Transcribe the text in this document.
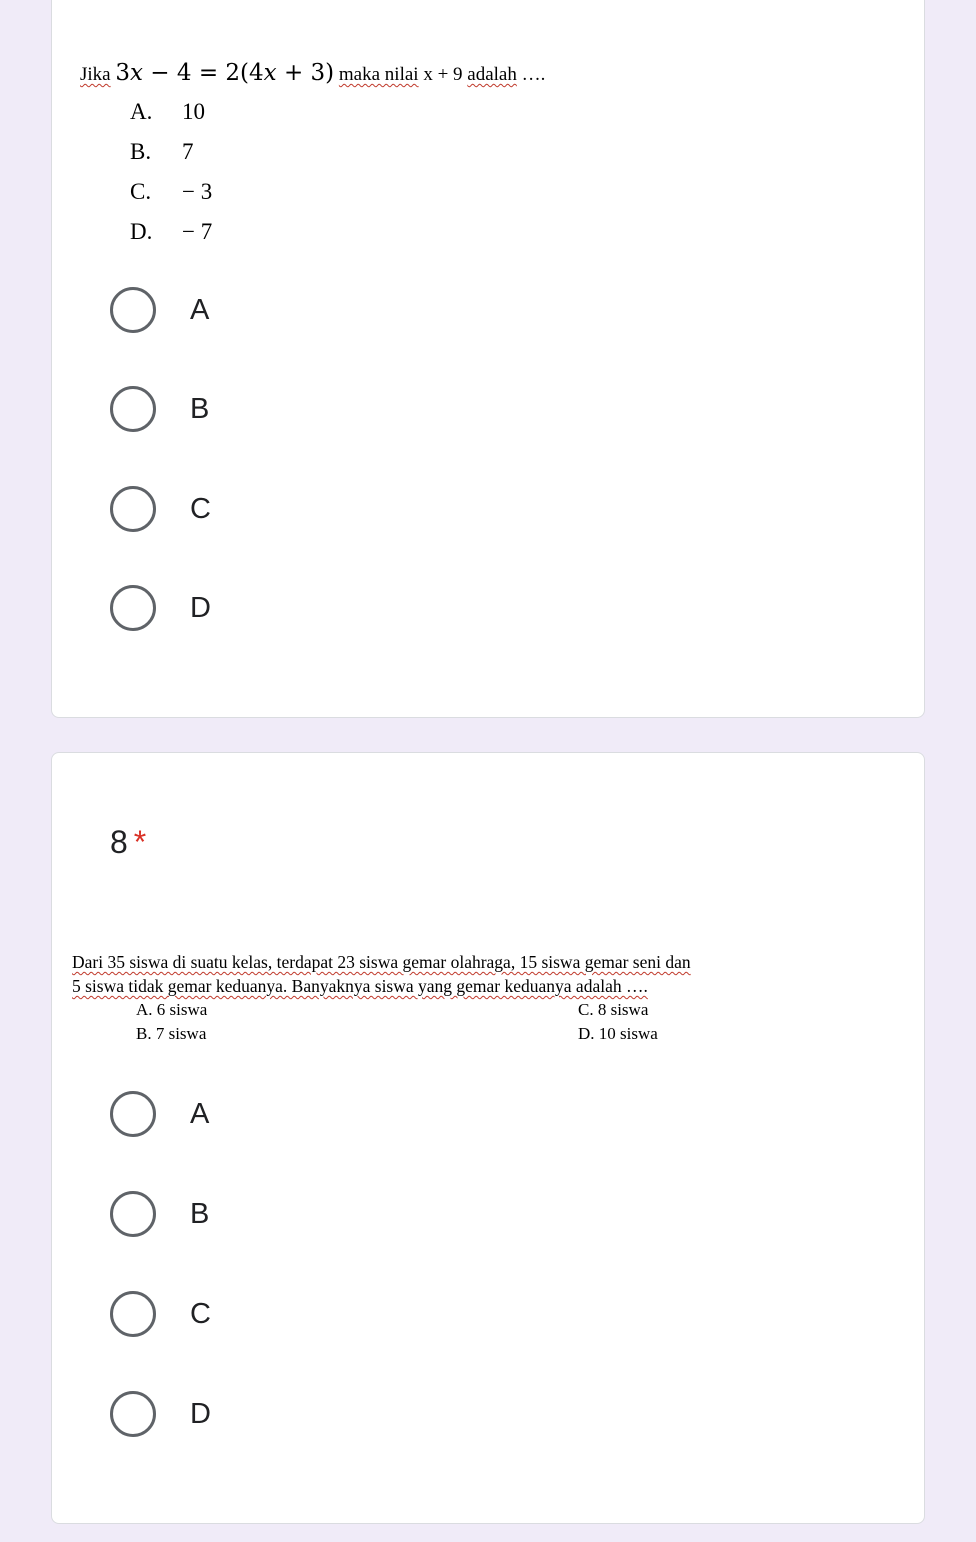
Jika 3x − 4 = 2(4x + 3) maka nilai x + 9 adalah ….
A. 10
B. 7
C. − 3
D. − 7
A
B
C
D
8 *
Dari 35 siswa di suatu kelas, terdapat 23 siswa gemar olahraga, 15 siswa gemar seni dan
5 siswa tidak gemar keduanya. Banyaknya siswa yang gemar keduanya adalah ….
A. 6 siswa	C. 8 siswa
B. 7 siswa	D. 10 siswa
A
B
C
D
